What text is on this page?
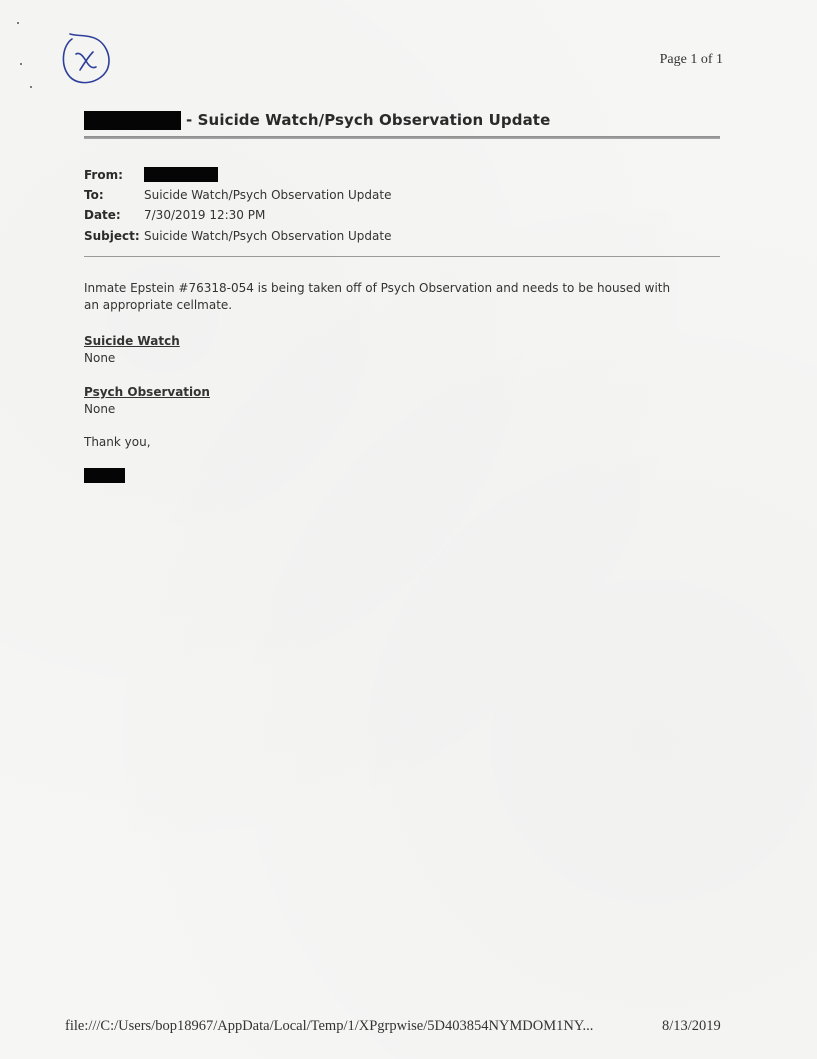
Page 1 of 1
- Suicide Watch/Psych Observation Update
From:
To:	Suicide Watch/Psych Observation Update
Date: 7/30/2019 12:30 PM
Subject: Suicide Watch/Psych Observation Update
Inmate Epstein #76318-054 is being taken off of Psych Observation and needs to be housed with an appropriate cellmate.
Suicide Watch
None
Psych Observation
None
Thank you,
file:///C:/Users/bop18967/AppData/Local/Temp/1/XPgrpwise/5D403854NYMDOM1NY...	8/13/2019
